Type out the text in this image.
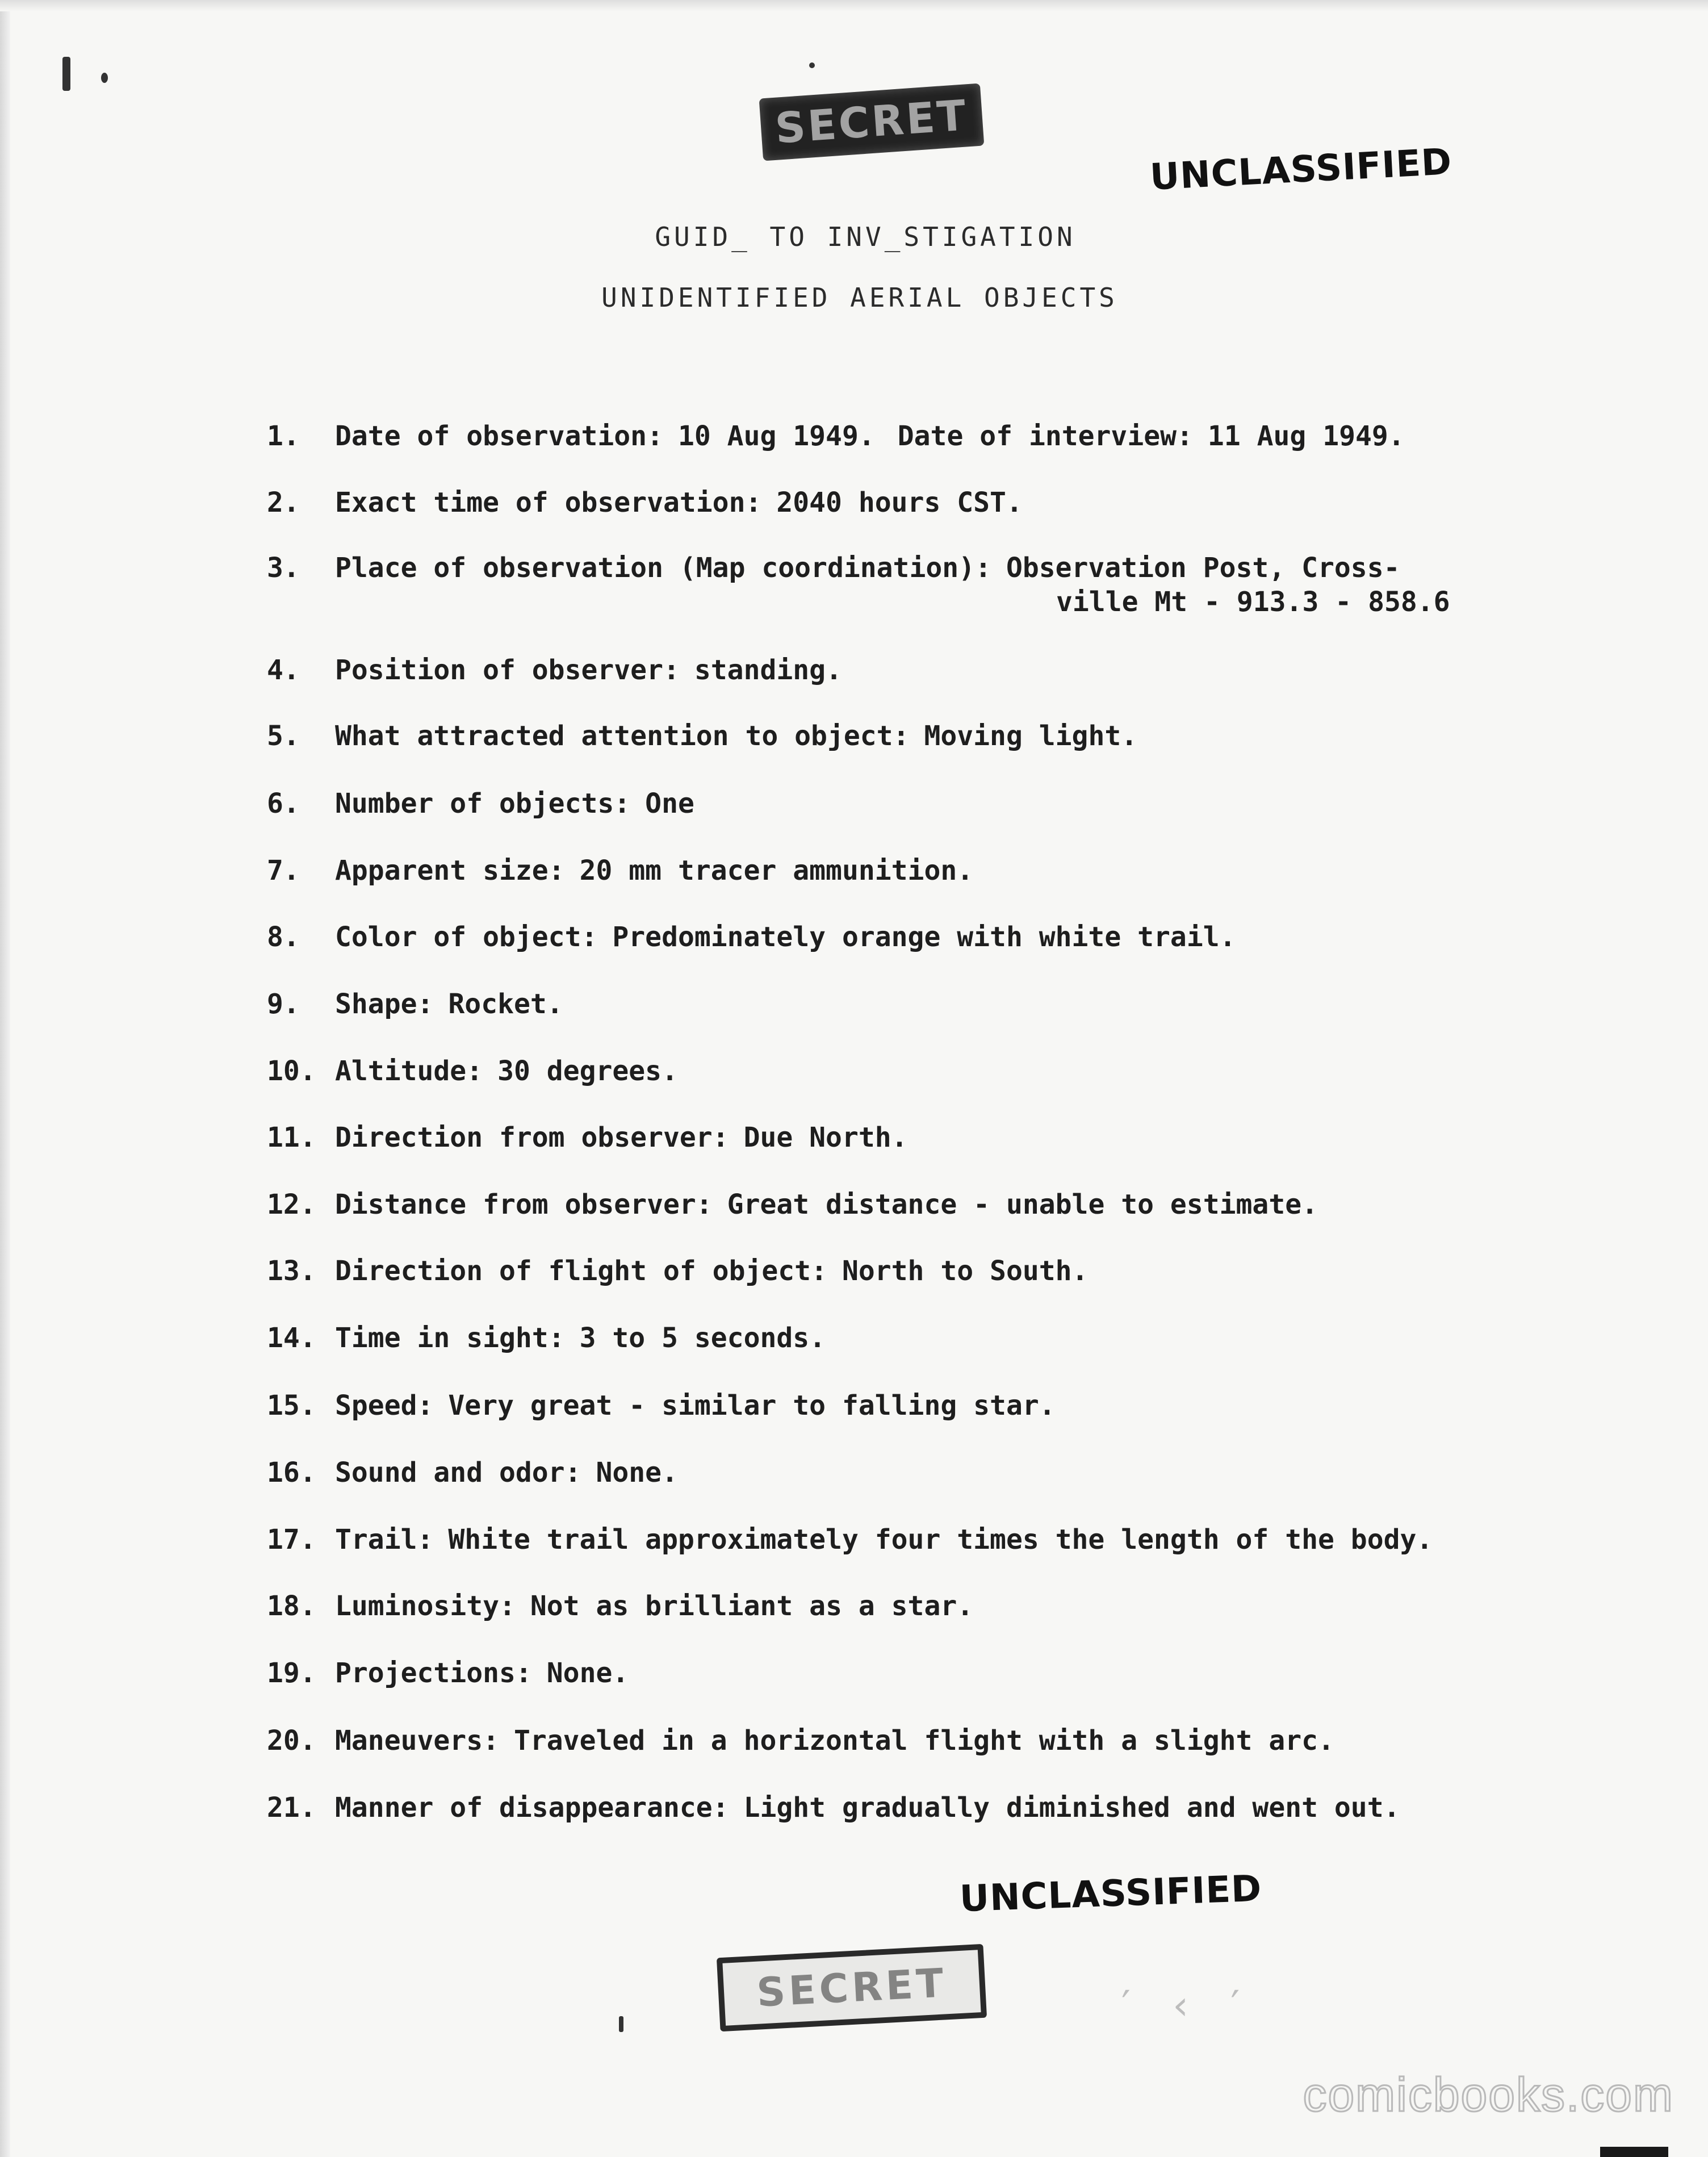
SECRET
UNCLASSIFIED
GUID_ TO INV_STIGATION
UNIDENTIFIED AERIAL OBJECTS
1. Date of observation: 10 Aug 1949. Date of interview: 11 Aug 1949.
2. Exact time of observation: 2040 hours CST.
3. Place of observation (Map coordination): Observation Post, Cross-
ville Mt - 913.3 - 858.6
4. Position of observer: standing.
5. What attracted attention to object: Moving light.
6. Number of objects: One
7. Apparent size: 20 mm tracer ammunition.
8. Color of object: Predominately orange with white trail.
9. Shape: Rocket.
10. Altitude: 30 degrees.
11. Direction from observer: Due North.
12. Distance from observer: Great distance - unable to estimate.
13. Direction of flight of object: North to South.
14. Time in sight: 3 to 5 seconds.
15. Speed: Very great - similar to falling star.
16. Sound and odor: None.
17. Trail: White trail approximately four times the length of the body.
18. Luminosity: Not as brilliant as a star.
19. Projections: None.
20. Maneuvers: Traveled in a horizontal flight with a slight arc.
21. Manner of disappearance: Light gradually diminished and went out.
UNCLASSIFIED
SECRET	′ ‹ ′
comicbooks.com
